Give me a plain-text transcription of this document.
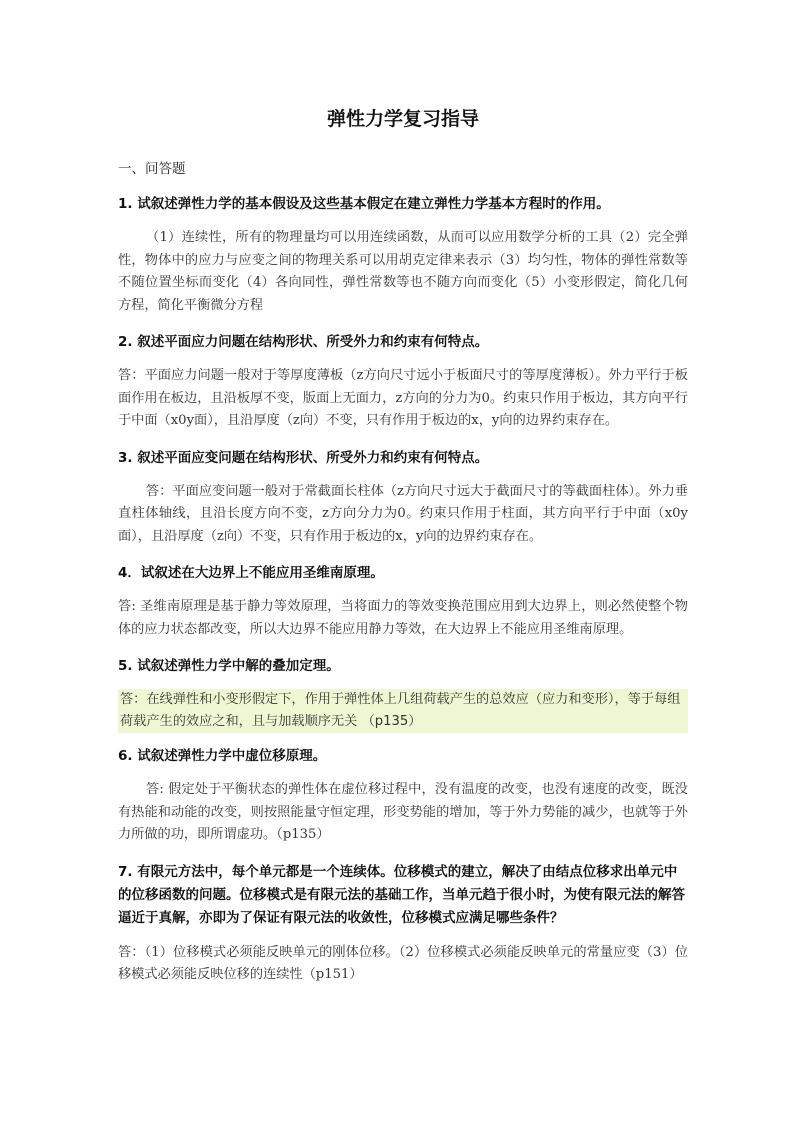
弹性力学复习指导
一、问答题
1. 试叙述弹性力学的基本假设及这些基本假定在建立弹性力学基本方程时的作用。
（1）连续性，所有的物理量均可以用连续函数，从而可以应用数学分析的工具（2）完全弹性，物体中的应力与应变之间的物理关系可以用胡克定律来表示（3）均匀性，物体的弹性常数等不随位置坐标而变化（4）各向同性，弹性常数等也不随方向而变化（5）小变形假定，简化几何方程，简化平衡微分方程
2. 叙述平面应力问题在结构形状、所受外力和约束有何特点。
答：平面应力问题一般对于等厚度薄板（z方向尺寸远小于板面尺寸的等厚度薄板）。外力平行于板面作用在板边，且沿板厚不变，版面上无面力，z方向的分力为0。约束只作用于板边，其方向平行于中面（x0y面），且沿厚度（z向）不变，只有作用于板边的x，y向的边界约束存在。
3. 叙述平面应变问题在结构形状、所受外力和约束有何特点。
答：平面应变问题一般对于常截面长柱体（z方向尺寸远大于截面尺寸的等截面柱体）。外力垂直柱体轴线，且沿长度方向不变，z方向分力为0。约束只作用于柱面，其方向平行于中面（x0y面），且沿厚度（z向）不变，只有作用于板边的x，y向的边界约束存在。
4．试叙述在大边界上不能应用圣维南原理。
答: 圣维南原理是基于静力等效原理，当将面力的等效变换范围应用到大边界上，则必然使整个物体的应力状态都改变，所以大边界不能应用静力等效，在大边界上不能应用圣维南原理。
5. 试叙述弹性力学中解的叠加定理。
答：在线弹性和小变形假定下，作用于弹性体上几组荷载产生的总效应（应力和变形），等于每组荷载产生的效应之和，且与加载顺序无关 （p135）
6. 试叙述弹性力学中虚位移原理。
答: 假定处于平衡状态的弹性体在虚位移过程中，没有温度的改变，也没有速度的改变，既没有热能和动能的改变，则按照能量守恒定理，形变势能的增加，等于外力势能的减少，也就等于外力所做的功，即所谓虚功。（p135）
7. 有限元方法中，每个单元都是一个连续体。位移模式的建立，解决了由结点位移求出单元中的位移函数的问题。位移模式是有限元法的基础工作，当单元趋于很小时，为使有限元法的解答逼近于真解，亦即为了保证有限元法的收敛性，位移模式应满足哪些条件？
答：（1）位移模式必须能反映单元的刚体位移。（2）位移模式必须能反映单元的常量应变（3）位移模式必须能反映位移的连续性（p151）
